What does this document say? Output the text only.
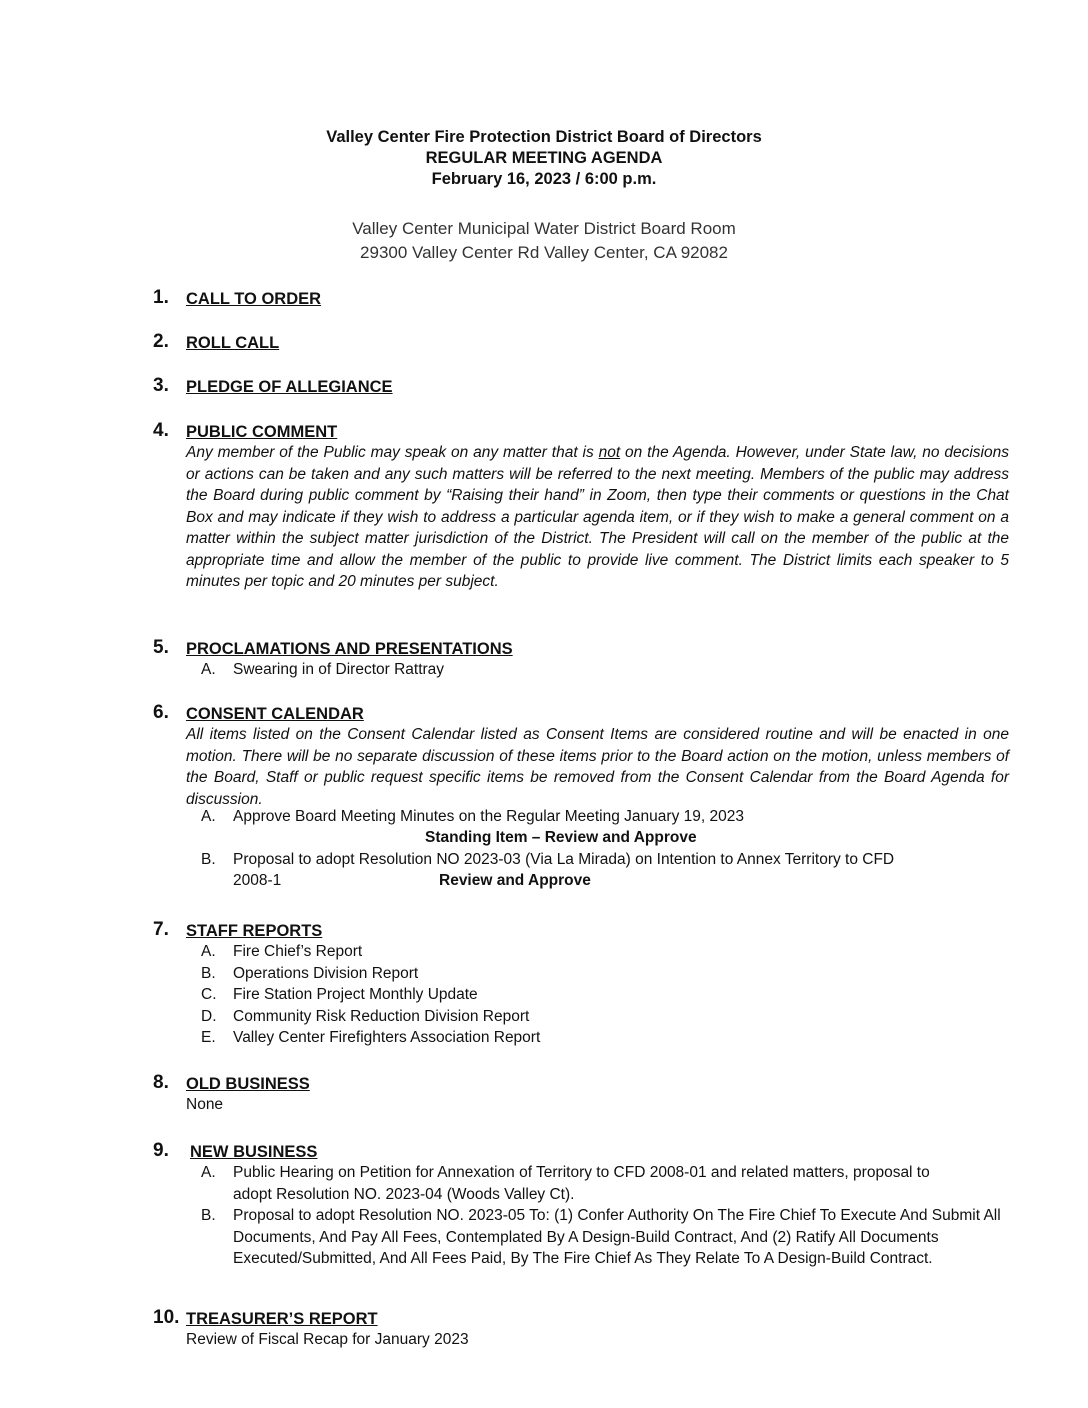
Valley Center Fire Protection District Board of Directors
REGULAR MEETING AGENDA
February 16, 2023 / 6:00 p.m.
Valley Center Municipal Water District Board Room
29300 Valley Center Rd Valley Center, CA 92082
1. CALL TO ORDER
2. ROLL CALL
3. PLEDGE OF ALLEGIANCE
4. PUBLIC COMMENT
Any member of the Public may speak on any matter that is not on the Agenda. However, under State law, no decisions or actions can be taken and any such matters will be referred to the next meeting. Members of the public may address the Board during public comment by “Raising their hand” in Zoom, then type their comments or questions in the Chat Box and may indicate if they wish to address a particular agenda item, or if they wish to make a general comment on a matter within the subject matter jurisdiction of the District. The President will call on the member of the public at the appropriate time and allow the member of the public to provide live comment. The District limits each speaker to 5 minutes per topic and 20 minutes per subject.
5. PROCLAMATIONS AND PRESENTATIONS
A. Swearing in of Director Rattray
6. CONSENT CALENDAR
All items listed on the Consent Calendar listed as Consent Items are considered routine and will be enacted in one motion. There will be no separate discussion of these items prior to the Board action on the motion, unless members of the Board, Staff or public request specific items be removed from the Consent Calendar from the Board Agenda for discussion.
A. Approve Board Meeting Minutes on the Regular Meeting January 19, 2023
Standing Item – Review and Approve
B. Proposal to adopt Resolution NO 2023-03 (Via La Mirada) on Intention to Annex Territory to CFD
2008-1	Review and Approve
7. STAFF REPORTS
A. Fire Chief’s Report
B. Operations Division Report
C. Fire Station Project Monthly Update
D. Community Risk Reduction Division Report
E. Valley Center Firefighters Association Report
8. OLD BUSINESS
None
9. NEW BUSINESS
A. Public Hearing on Petition for Annexation of Territory to CFD 2008-01 and related matters, proposal to adopt Resolution NO. 2023-04 (Woods Valley Ct).
B. Proposal to adopt Resolution NO. 2023-05 To: (1) Confer Authority On The Fire Chief To Execute And Submit All Documents, And Pay All Fees, Contemplated By A Design-Build Contract, And (2) Ratify All Documents Executed/Submitted, And All Fees Paid, By The Fire Chief As They Relate To A Design-Build Contract.
10. TREASURER’S REPORT
Review of Fiscal Recap for January 2023
